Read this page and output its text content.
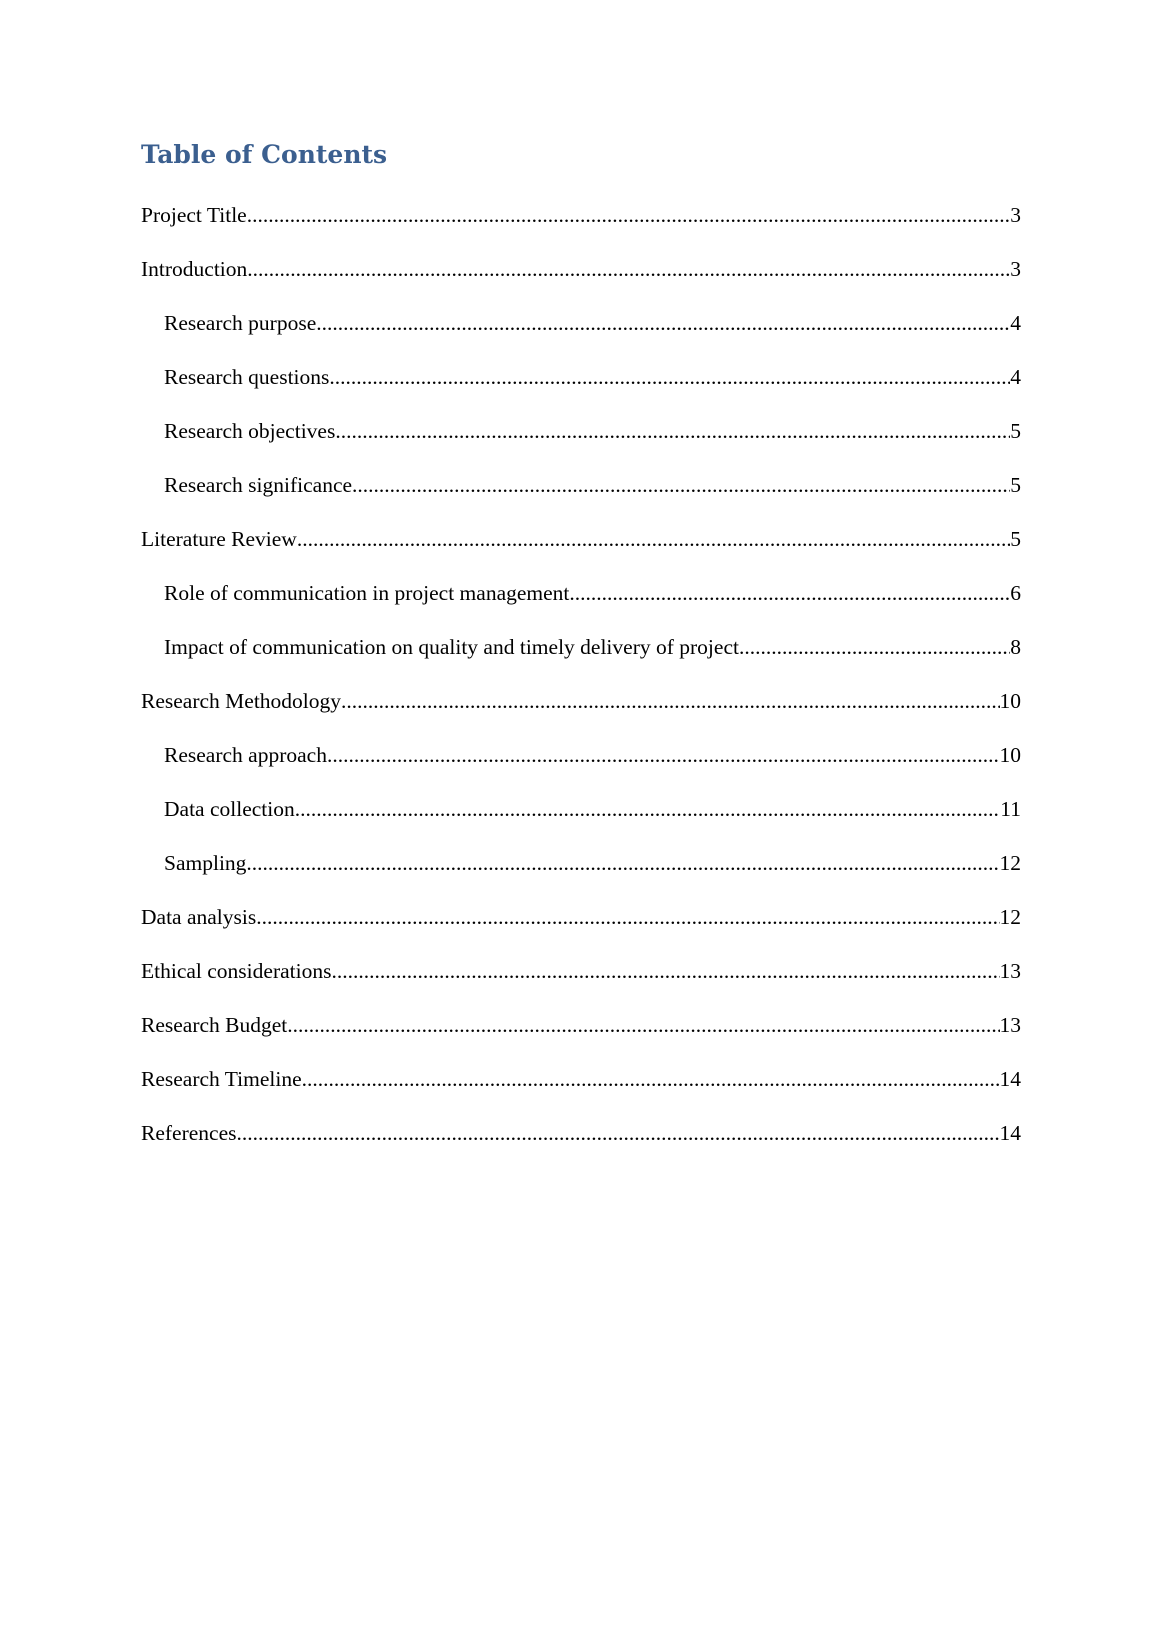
Table of Contents
Project Title .....	3
Introduction .....	3
Research purpose .....	4
Research questions .....	4
Research objectives .....	5
Research significance .....	5
Literature Review .....	5
Role of communication in project management .....	6
Impact of communication on quality and timely delivery of project .....	8
Research Methodology .....	10
Research approach .....	10
Data collection .....	11
Sampling .....	12
Data analysis .....	12
Ethical considerations .....	13
Research Budget .....	13
Research Timeline .....	14
References .....	14
